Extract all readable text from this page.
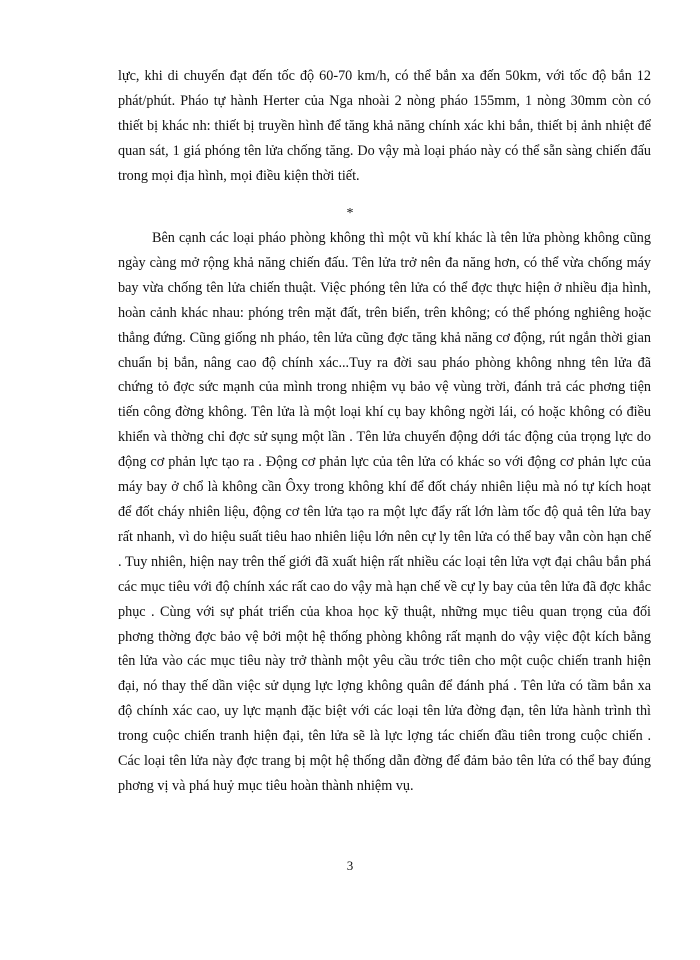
lực, khi di chuyển đạt đến tốc độ 60-70 km/h, có thể bắn xa đến 50km, với tốc độ bắn 12 phát/phút. Pháo tự hành Herter của Nga nhoài 2 nòng pháo 155mm, 1 nòng 30mm còn có thiết bị khác nh: thiết bị truyền hình để tăng khả năng chính xác khi bắn, thiết bị ảnh nhiệt để quan sát, 1 giá phóng tên lửa chống tăng. Do vậy mà loại pháo này có thể sẵn sàng chiến đấu trong mọi địa hình, mọi điều kiện thời tiết.
*
Bên cạnh các loại pháo phòng không thì một vũ khí khác là tên lửa phòng không cũng ngày càng mở rộng khả năng chiến đấu. Tên lửa trở nên đa năng hơn, có thể vừa chống máy bay vừa chống tên lửa chiến thuật. Việc phóng tên lửa có thể đợc thực hiện ở nhiều địa hình, hoàn cảnh khác nhau: phóng trên mặt đất, trên biển, trên không; có thể phóng nghiêng hoặc thẳng đứng. Cũng giống nh pháo, tên lửa cũng đợc tăng khả năng cơ động, rút ngắn thời gian chuẩn bị bắn, nâng cao độ chính xác...Tuy ra đời sau pháo phòng không nhng tên lửa đã chứng tỏ đợc sức mạnh của mình trong nhiệm vụ bảo vệ vùng trời, đánh trả các phơng tiện tiến công đờng không. Tên lửa là một loại khí cụ bay không ngời lái, có hoặc không có điều khiển và thờng chỉ đợc sử sụng một lần . Tên lửa chuyển động dới tác động của trọng lực do động cơ phản lực tạo ra . Động cơ phản lực của tên lửa có khác so với động cơ phản lực của máy bay ở chổ là không cần Ôxy trong không khí để đốt cháy nhiên liệu mà nó tự kích hoạt để đốt cháy nhiên liệu, động cơ tên lửa tạo ra một lực đẩy rất lớn làm tốc độ quả tên lửa bay rất nhanh, vì do hiệu suất tiêu hao nhiên liệu lớn nên cự ly tên lửa có thể bay vẫn còn hạn chế . Tuy nhiên, hiện nay trên thế giới đã xuất hiện rất nhiều các loại tên lửa vợt đại châu bắn phá các mục tiêu với độ chính xác rất cao do vậy mà hạn chế về cự ly bay của tên lửa đã đợc khắc phục . Cùng với sự phát triển của khoa học kỹ thuật, những mục tiêu quan trọng của đối phơng thờng đợc bảo vệ bởi một hệ thống phòng không rất mạnh do vậy việc đột kích bằng tên lửa vào các mục tiêu này trở thành một yêu cầu trớc tiên cho một cuộc chiến tranh hiện đại, nó thay thế dần việc sử dụng lực lợng không quân để đánh phá . Tên lửa có tầm bắn xa độ chính xác cao, uy lực mạnh đặc biệt với các loại tên lửa đờng đạn, tên lửa hành trình thì trong cuộc chiến tranh hiện đại, tên lửa sẽ là lực lợng tác chiến đầu tiên trong cuộc chiến . Các loại tên lửa này đợc trang bị một hệ thống dẫn đờng để đảm bảo tên lửa có thể bay đúng phơng vị và phá huỷ mục tiêu hoàn thành nhiệm vụ.
3
